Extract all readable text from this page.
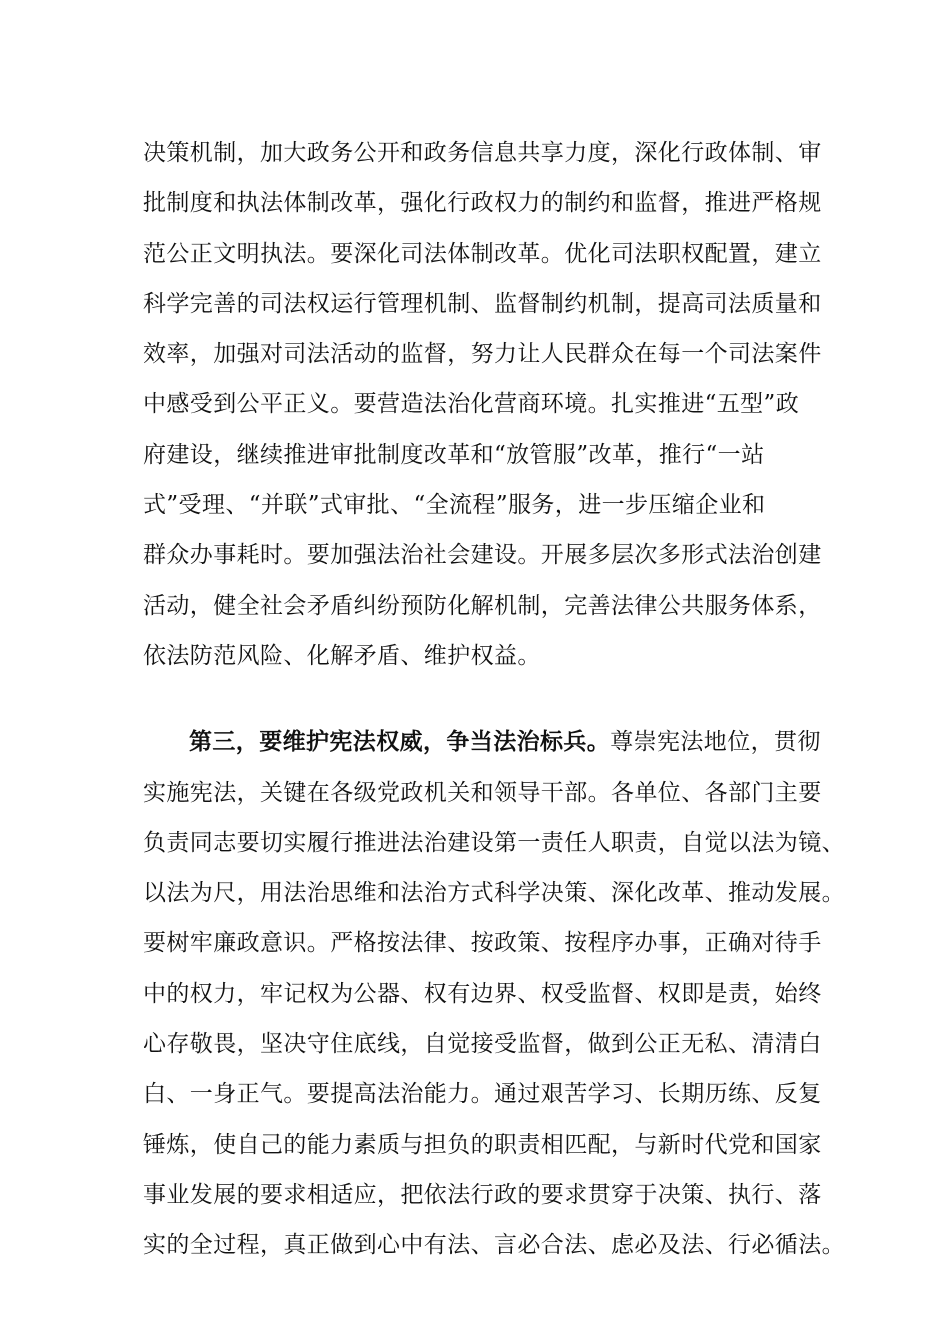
决策机制，加大政务公开和政务信息共享力度，深化行政体制、审
批制度和执法体制改革，强化行政权力的制约和监督，推进严格规
范公正文明执法。要深化司法体制改革。优化司法职权配置，建立
科学完善的司法权运行管理机制、监督制约机制，提高司法质量和
效率，加强对司法活动的监督，努力让人民群众在每一个司法案件
中感受到公平正义。要营造法治化营商环境。扎实推进“五型”政
府建设，继续推进审批制度改革和“放管服”改革，推行“一站
式”受理、“并联”式审批、“全流程”服务，进一步压缩企业和
群众办事耗时。要加强法治社会建设。开展多层次多形式法治创建
活动，健全社会矛盾纠纷预防化解机制，完善法律公共服务体系，
依法防范风险、化解矛盾、维护权益。
第三，要维护宪法权威，争当法治标兵。尊崇宪法地位，贯彻
实施宪法，关键在各级党政机关和领导干部。各单位、各部门主要
负责同志要切实履行推进法治建设第一责任人职责，自觉以法为镜、
以法为尺，用法治思维和法治方式科学决策、深化改革、推动发展。
要树牢廉政意识。严格按法律、按政策、按程序办事，正确对待手
中的权力，牢记权为公器、权有边界、权受监督、权即是责，始终
心存敬畏，坚决守住底线，自觉接受监督，做到公正无私、清清白
白、一身正气。要提高法治能力。通过艰苦学习、长期历练、反复
锤炼，使自己的能力素质与担负的职责相匹配，与新时代党和国家
事业发展的要求相适应，把依法行政的要求贯穿于决策、执行、落
实的全过程，真正做到心中有法、言必合法、虑必及法、行必循法。
